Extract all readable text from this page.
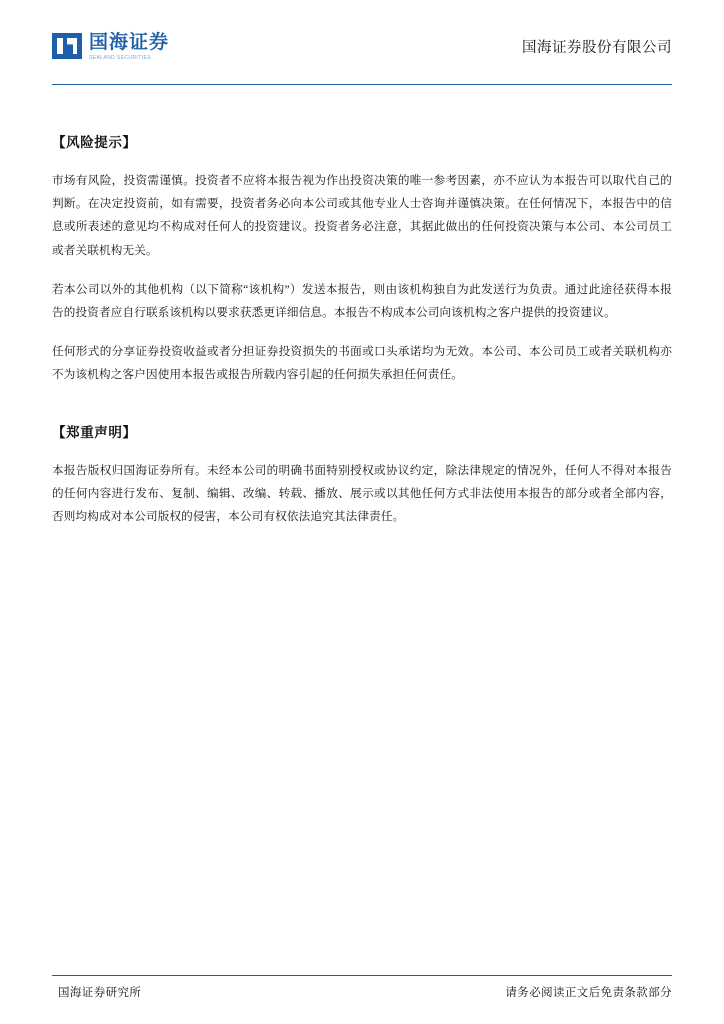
国海证券
SEALAND SECURITIES
国海证券股份有限公司
【风险提示】

市场有风险，投资需谨慎。投资者不应将本报告视为作出投资决策的唯一参考因素，亦不应认为本报告可以取代自己的判断。在决定投资前，如有需要，投资者务必向本公司或其他专业人士咨询并谨慎决策。在任何情况下，本报告中的信息或所表述的意见均不构成对任何人的投资建议。投资者务必注意，其据此做出的任何投资决策与本公司、本公司员工或者关联机构无关。

若本公司以外的其他机构（以下简称“该机构”）发送本报告，则由该机构独自为此发送行为负责。通过此途径获得本报告的投资者应自行联系该机构以要求获悉更详细信息。本报告不构成本公司向该机构之客户提供的投资建议。

任何形式的分享证券投资收益或者分担证券投资损失的书面或口头承诺均为无效。本公司、本公司员工或者关联机构亦不为该机构之客户因使用本报告或报告所载内容引起的任何损失承担任何责任。

【郑重声明】

本报告版权归国海证券所有。未经本公司的明确书面特别授权或协议约定，除法律规定的情况外，任何人不得对本报告的任何内容进行发布、复制、编辑、改编、转载、播放、展示或以其他任何方式非法使用本报告的部分或者全部内容，否则均构成对本公司版权的侵害，本公司有权依法追究其法律责任。

国海证券研究所	请务必阅读正文后免责条款部分
